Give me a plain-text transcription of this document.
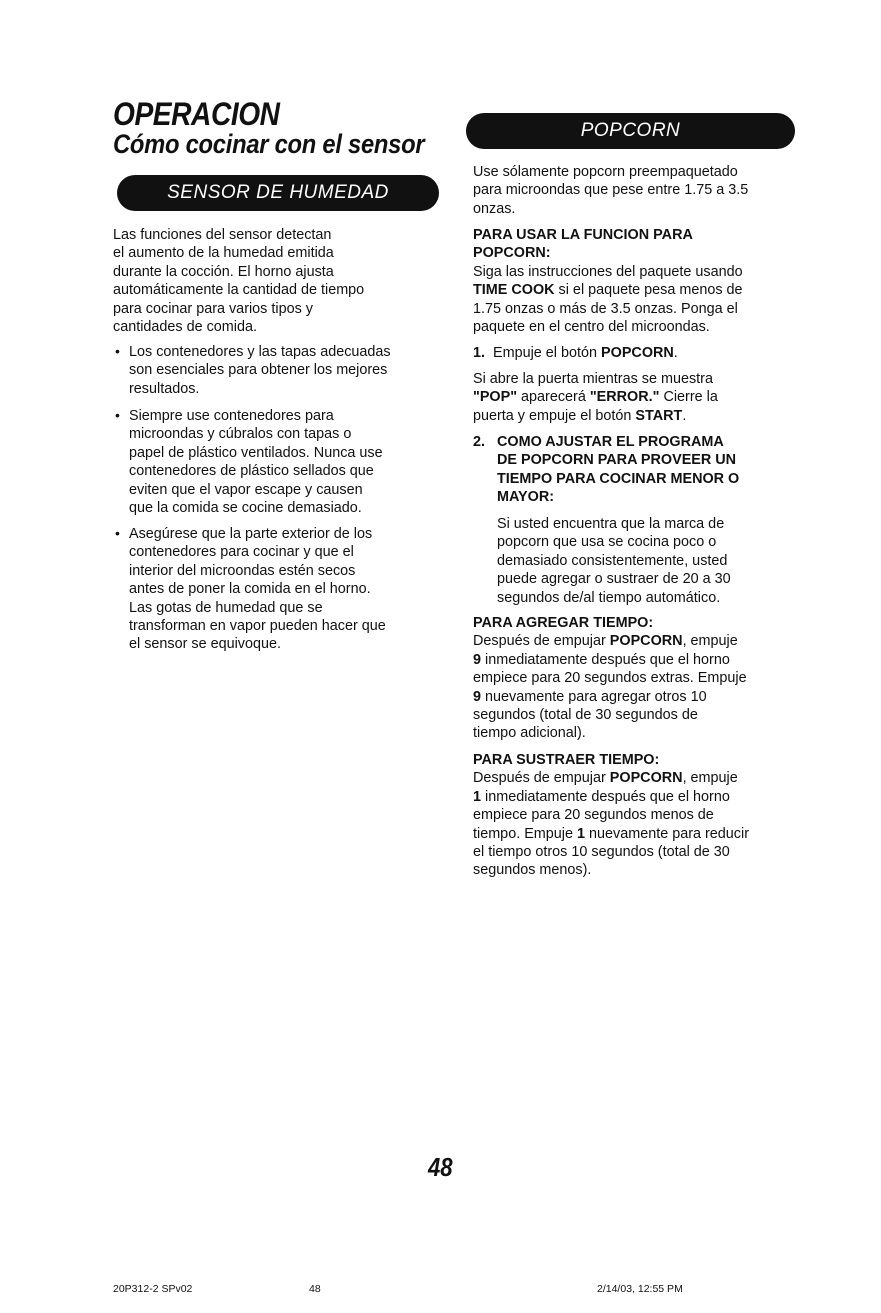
OPERACION
Cómo cocinar con el sensor
SENSOR DE HUMEDAD
Las funciones del sensor detectan
el aumento de la humedad emitida
durante la cocción. El horno ajusta
automáticamente la cantidad de tiempo
para cocinar para varios tipos y
cantidades de comida.
• Los contenedores y las tapas adecuadas
son esenciales para obtener los mejores
resultados.
• Siempre use contenedores para
microondas y cúbralos con tapas o
papel de plástico ventilados. Nunca use
contenedores de plástico sellados que
eviten que el vapor escape y causen
que la comida se cocine demasiado.
• Asegúrese que la parte exterior de los
contenedores para cocinar y que el
interior del microondas estén secos
antes de poner la comida en el horno.
Las gotas de humedad que se
transforman en vapor pueden hacer que
el sensor se equivoque.
POPCORN
Use sólamente popcorn preempaquetado
para microondas que pese entre 1.75 a 3.5
onzas.
PARA USAR LA FUNCION PARA
POPCORN:
Siga las instrucciones del paquete usando
TIME COOK si el paquete pesa menos de
1.75 onzas o más de 3.5 onzas. Ponga el
paquete en el centro del microondas.
1. Empuje el botón POPCORN.
Si abre la puerta mientras se muestra
"POP" aparecerá "ERROR." Cierre la
puerta y empuje el botón START.
2. COMO AJUSTAR EL PROGRAMA
DE POPCORN PARA PROVEER UN
TIEMPO PARA COCINAR MENOR O
MAYOR:
Si usted encuentra que la marca de
popcorn que usa se cocina poco o
demasiado consistentemente, usted
puede agregar o sustraer de 20 a 30
segundos de/al tiempo automático.
PARA AGREGAR TIEMPO:
Después de empujar POPCORN, empuje
9 inmediatamente después que el horno
empiece para 20 segundos extras. Empuje
9 nuevamente para agregar otros 10
segundos (total de 30 segundos de
tiempo adicional).
PARA SUSTRAER TIEMPO:
Después de empujar POPCORN, empuje
1 inmediatamente después que el horno
empiece para 20 segundos menos de
tiempo. Empuje 1 nuevamente para reducir
el tiempo otros 10 segundos (total de 30
segundos menos).
48
20P312-2 SPv02	48	2/14/03, 12:55 PM
